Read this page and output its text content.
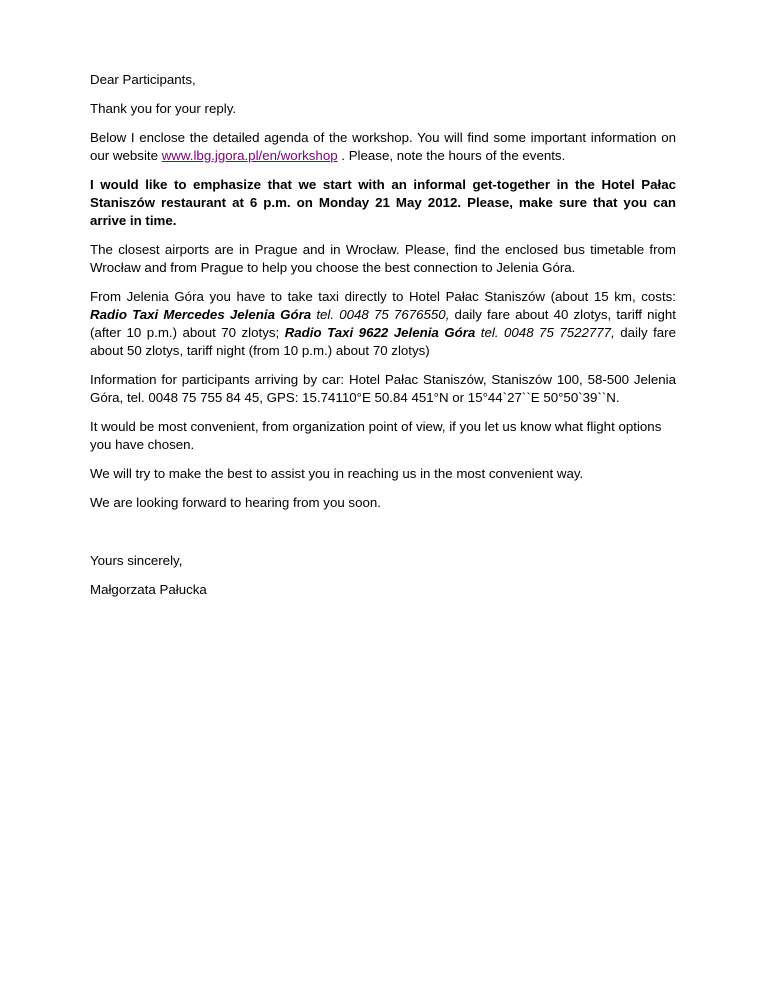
Dear Participants,

Thank you for your reply.

Below I enclose the detailed agenda of the workshop. You will find some important information on our website www.lbg.jgora.pl/en/workshop . Please, note the hours of the events.

I would like to emphasize that we start with an informal get-together in the Hotel Pałac Staniszów restaurant at 6 p.m. on Monday 21 May 2012. Please, make sure that you can arrive in time.

The closest airports are in Prague and in Wrocław. Please, find the enclosed bus timetable from Wrocław and from Prague to help you choose the best connection to Jelenia Góra.

From Jelenia Góra you have to take taxi directly to Hotel Pałac Staniszów (about 15 km, costs: Radio Taxi Mercedes Jelenia Góra tel. 0048 75 7676550, daily fare about 40 zlotys, tariff night (after 10 p.m.) about 70 zlotys; Radio Taxi 9622 Jelenia Góra tel. 0048 75 7522777, daily fare about 50 zlotys, tariff night (from 10 p.m.) about 70 zlotys)

Information for participants arriving by car: Hotel Pałac Staniszów, Staniszów 100, 58-500 Jelenia Góra, tel. 0048 75 755 84 45, GPS: 15.74110°E 50.84 451°N or 15°44`27``E 50°50`39``N.

It would be most convenient, from organization point of view, if you let us know what flight options you have chosen.

We will try to make the best to assist you in reaching us in the most convenient way.

We are looking forward to hearing from you soon.

Yours sincerely,

Małgorzata Pałucka
